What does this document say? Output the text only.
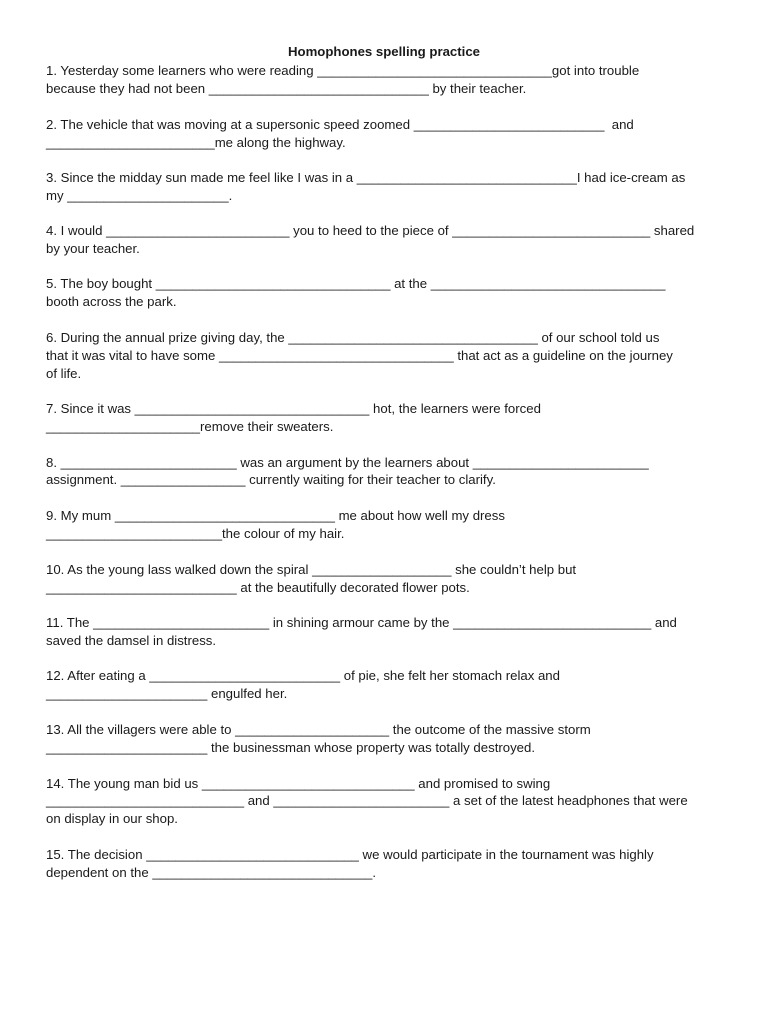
Homophones spelling practice
1. Yesterday some learners who were reading ________________________________got into trouble
because they had not been ______________________________ by their teacher.
2. The vehicle that was moving at a supersonic speed zoomed __________________________  and
_______________________me along the highway.
3. Since the midday sun made me feel like I was in a ______________________________I had ice-cream as
my ______________________.
4. I would _________________________ you to heed to the piece of ___________________________ shared
by your teacher.
5. The boy bought ________________________________ at the ________________________________
booth across the park.
6. During the annual prize giving day, the __________________________________ of our school told us
that it was vital to have some ________________________________ that act as a guideline on the journey
of life.
7. Since it was ________________________________ hot, the learners were forced
_____________________remove their sweaters.
8. ________________________ was an argument by the learners about ________________________
assignment. _________________ currently waiting for their teacher to clarify.
9. My mum ______________________________ me about how well my dress
________________________the colour of my hair.
10. As the young lass walked down the spiral ___________________ she couldn’t help but
__________________________ at the beautifully decorated flower pots.
11. The ________________________ in shining armour came by the ___________________________ and
saved the damsel in distress.
12. After eating a __________________________ of pie, she felt her stomach relax and
______________________ engulfed her.
13. All the villagers were able to _____________________ the outcome of the massive storm
______________________ the businessman whose property was totally destroyed.
14. The young man bid us _____________________________ and promised to swing
___________________________ and ________________________ a set of the latest headphones that were
on display in our shop.
15. The decision _____________________________ we would participate in the tournament was highly
dependent on the ______________________________.
